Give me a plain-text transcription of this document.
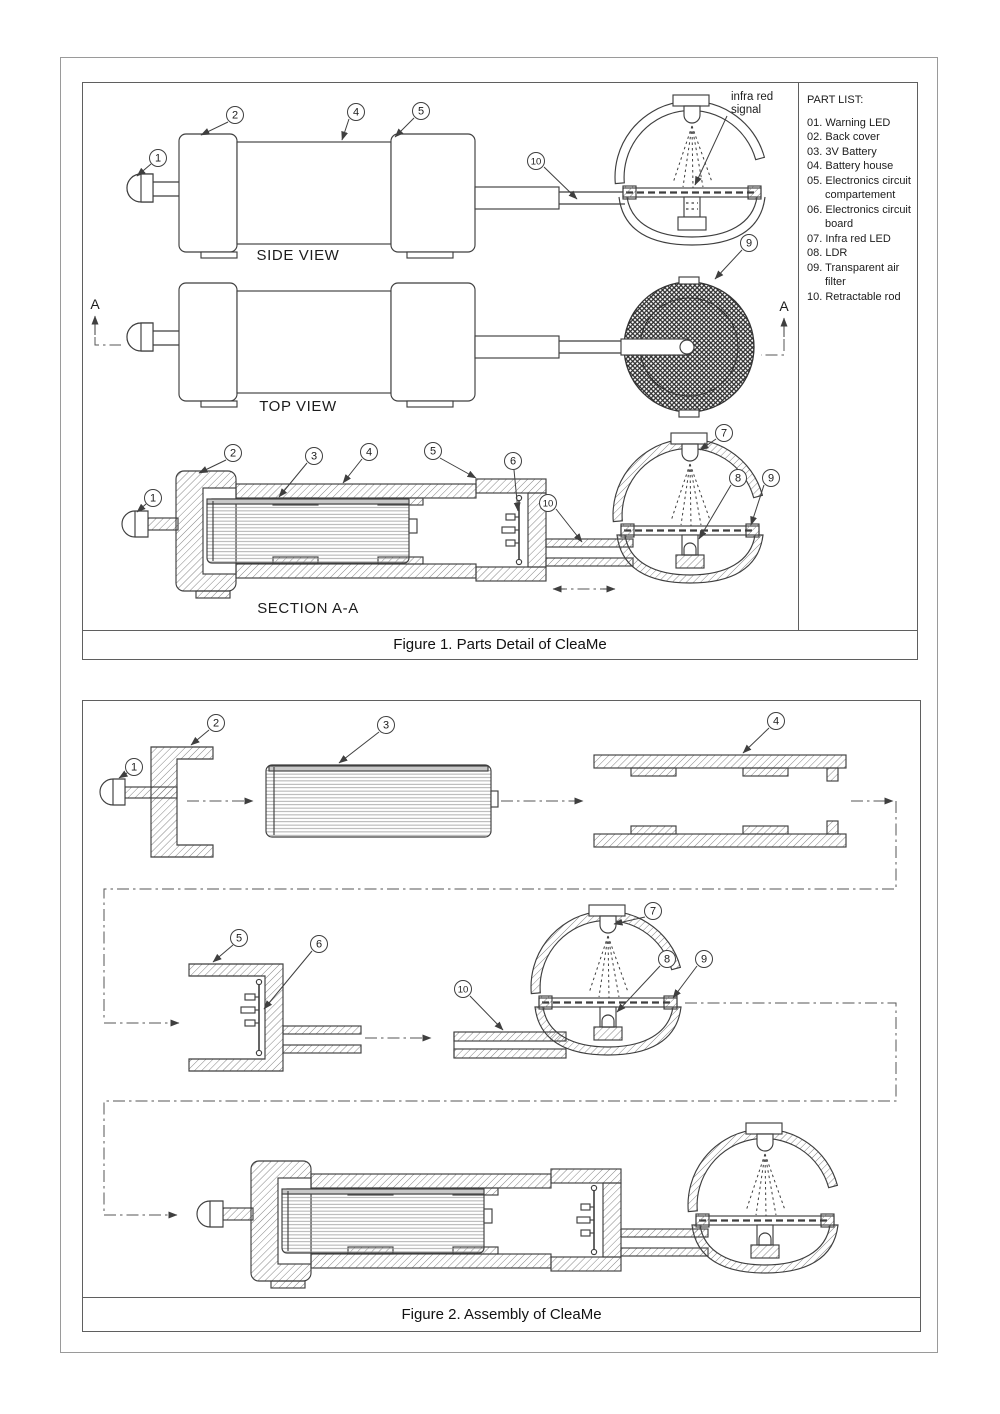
1
2	4	5
10
infra red
signal
SIDE VIEW
A
9
A
TOP VIEW
1
2	3	4	5
6
7
8 9
10
SECTION A-A
PART LIST:
01. Warning LED
02. Back cover
03. 3V Battery
04. Battery house
05. Electronics circuit compartement
06. Electronics circuit board
07. Infra red LED
08. LDR
09. Transparent air filter
10. Retractable rod
Figure 1. Parts Detail of CleaMe
1
2	3	4
5	6
10
7
8	9
Figure 2. Assembly of CleaMe
